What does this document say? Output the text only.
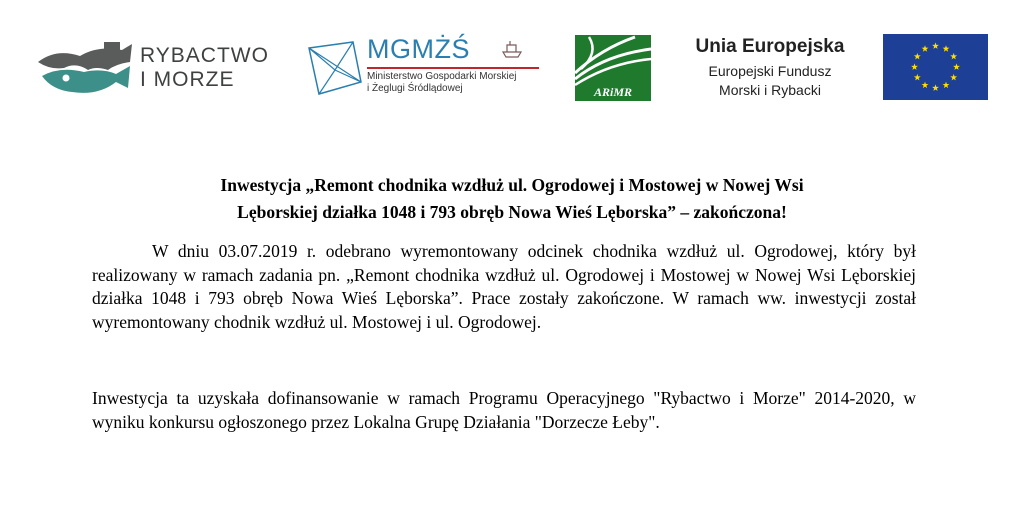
RYBACTWO
I MORZE
MGMŻŚ
Ministerstwo Gospodarki Morskiej
i Żeglugi Śródlądowej	ARiMR
Unia Europejska
Europejski Fundusz
Morski i Rybacki
Inwestycja „Remont chodnika wzdłuż ul. Ogrodowej i Mostowej w Nowej Wsi
Lęborskiej działka 1048 i 793 obręb Nowa Wieś Lęborska” – zakończona!
W dniu 03.07.2019 r. odebrano wyremontowany odcinek chodnika wzdłuż ul. Ogrodowej, który był realizowany w ramach zadania pn. „Remont chodnika wzdłuż ul. Ogrodowej i Mostowej w Nowej Wsi Lęborskiej działka 1048 i 793 obręb Nowa Wieś Lęborska”. Prace zostały zakończone. W ramach ww. inwestycji został wyremontowany chodnik wzdłuż ul. Mostowej i ul. Ogrodowej.
Inwestycja ta uzyskała dofinansowanie w ramach Programu Operacyjnego "Rybactwo i Morze" 2014-2020, w wyniku konkursu ogłoszonego przez Lokalna Grupę Działania "Dorzecze Łeby".
